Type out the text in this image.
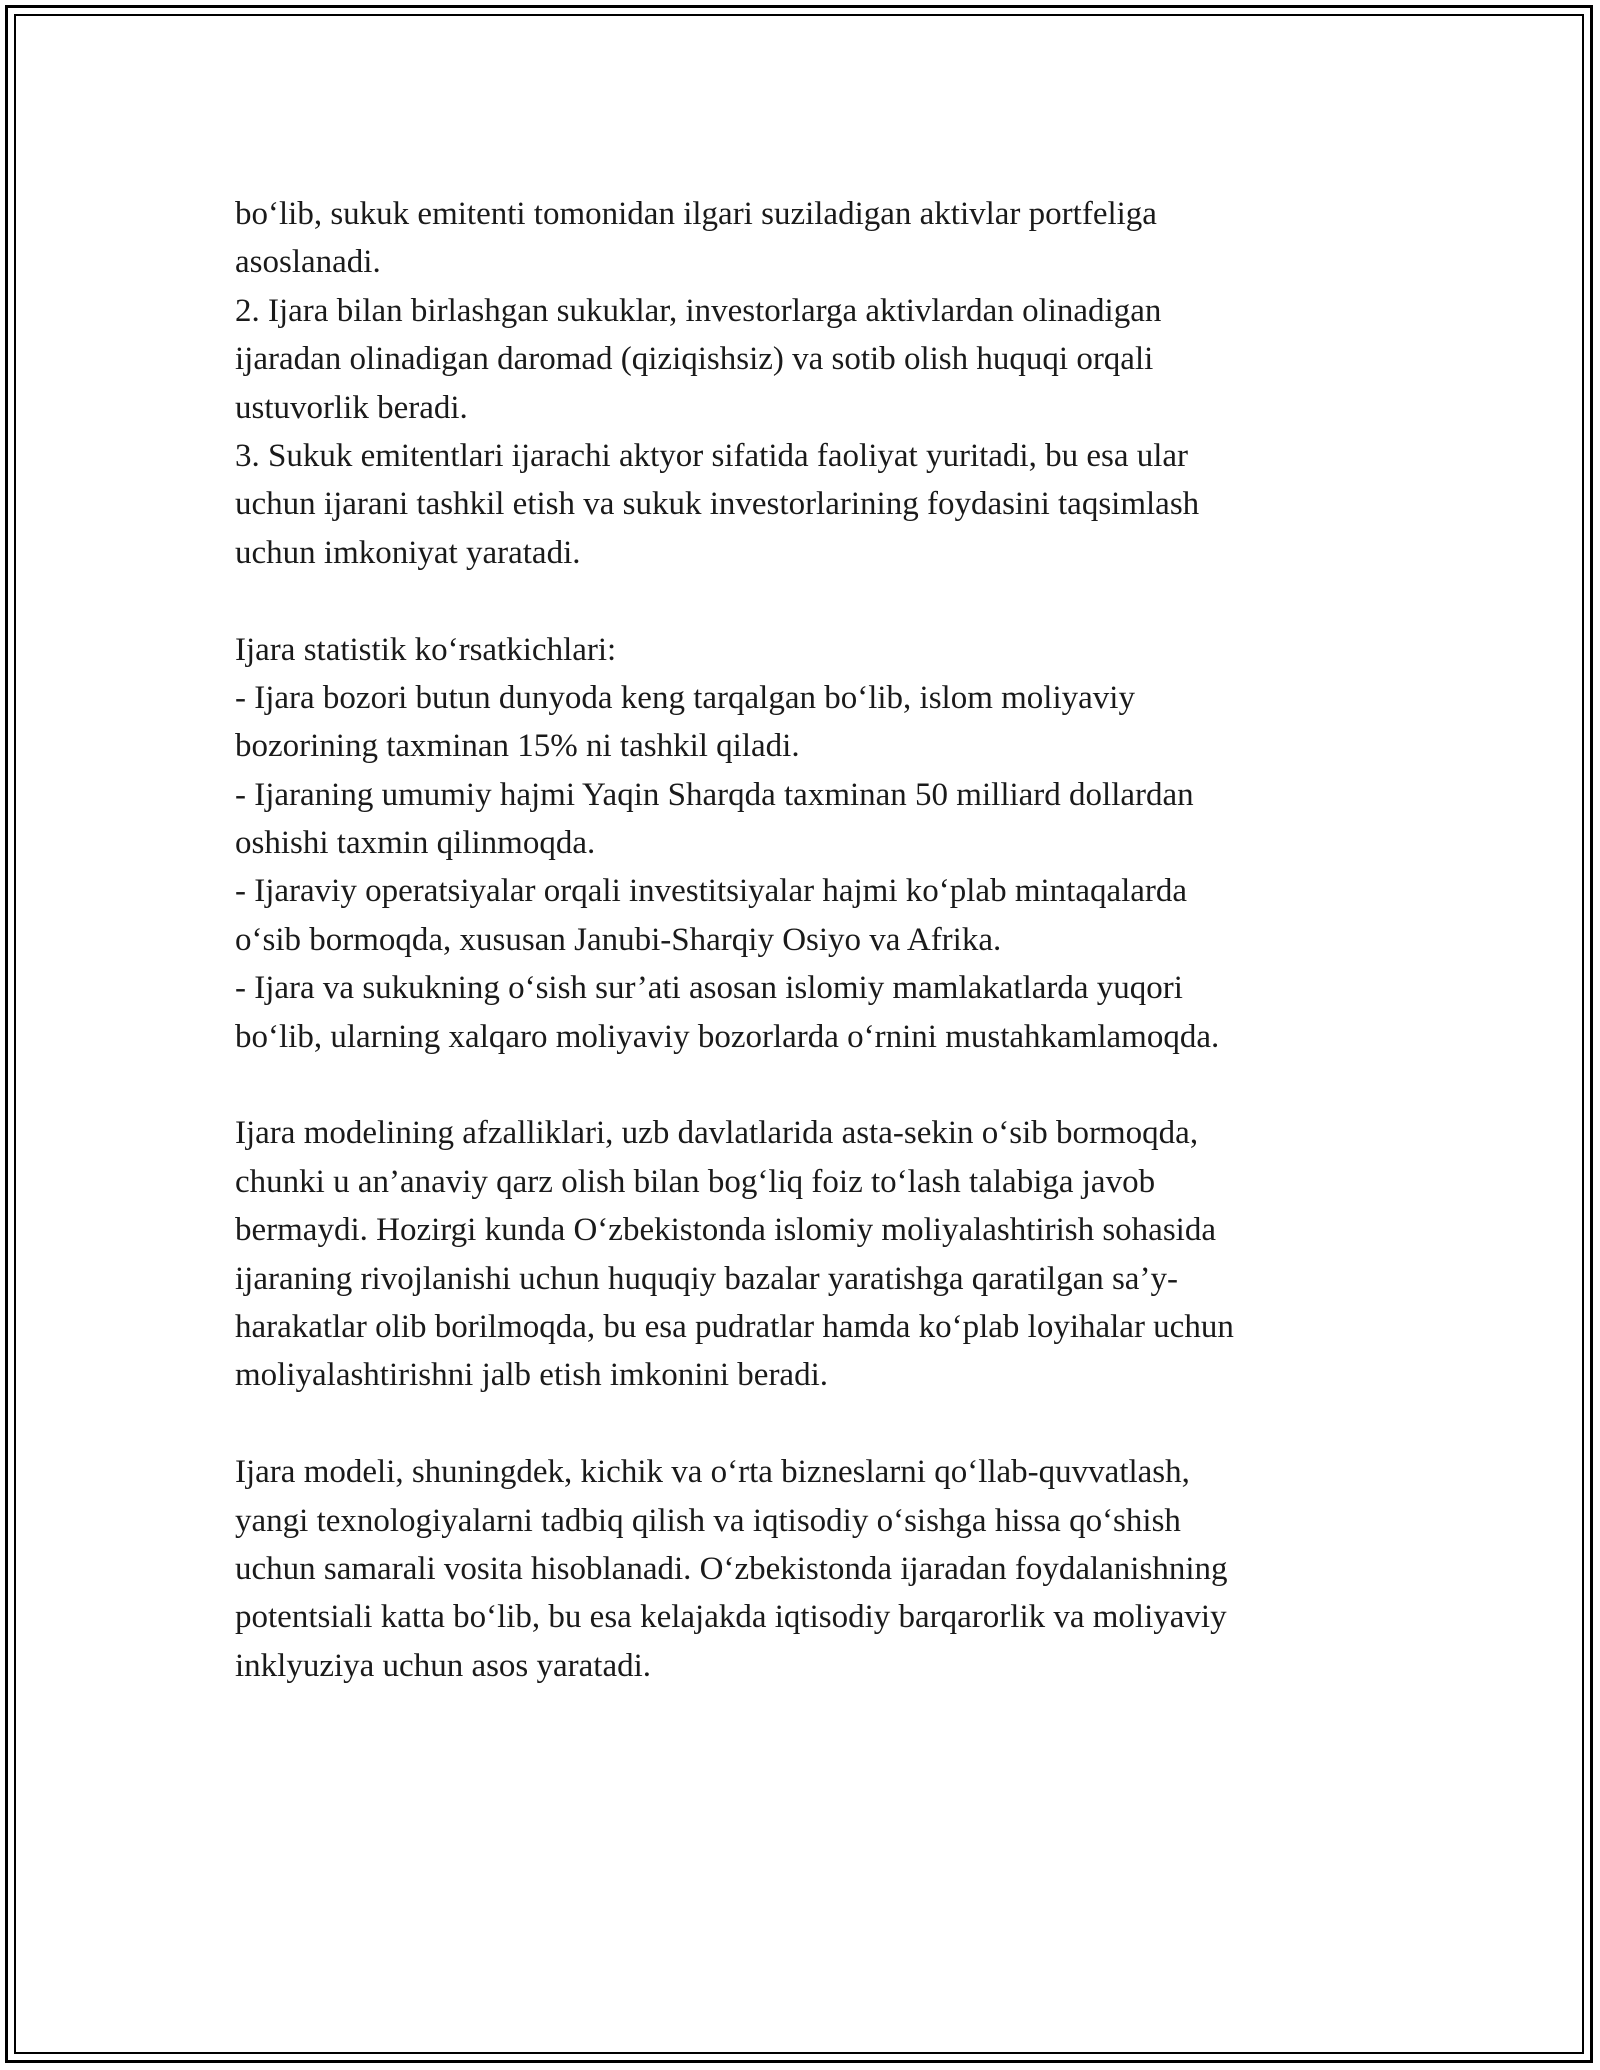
bo‘lib, sukuk emitenti tomonidan ilgari suziladigan aktivlar portfeliga
asoslanadi.
2. Ijara bilan birlashgan sukuklar, investorlarga aktivlardan olinadigan
ijaradan olinadigan daromad (qiziqishsiz) va sotib olish huquqi orqali
ustuvorlik beradi.
3. Sukuk emitentlari ijarachi aktyor sifatida faoliyat yuritadi, bu esa ular
uchun ijarani tashkil etish va sukuk investorlarining foydasini taqsimlash
uchun imkoniyat yaratadi.
Ijara statistik ko‘rsatkichlari:
- Ijara bozori butun dunyoda keng tarqalgan bo‘lib, islom moliyaviy
bozorining taxminan 15% ni tashkil qiladi.
- Ijaraning umumiy hajmi Yaqin Sharqda taxminan 50 milliard dollardan
oshishi taxmin qilinmoqda.
- Ijaraviy operatsiyalar orqali investitsiyalar hajmi ko‘plab mintaqalarda
o‘sib bormoqda, xususan Janubi-Sharqiy Osiyo va Afrika.
- Ijara va sukukning o‘sish sur’ati asosan islomiy mamlakatlarda yuqori
bo‘lib, ularning xalqaro moliyaviy bozorlarda o‘rnini mustahkamlamoqda.
Ijara modelining afzalliklari, uzb davlatlarida asta-sekin o‘sib bormoqda,
chunki u an’anaviy qarz olish bilan bog‘liq foiz to‘lash talabiga javob
bermaydi. Hozirgi kunda O‘zbekistonda islomiy moliyalashtirish sohasida
ijaraning rivojlanishi uchun huquqiy bazalar yaratishga qaratilgan sa’y-
harakatlar olib borilmoqda, bu esa pudratlar hamda ko‘plab loyihalar uchun
moliyalashtirishni jalb etish imkonini beradi.
Ijara modeli, shuningdek, kichik va o‘rta bizneslarni qo‘llab-quvvatlash,
yangi texnologiyalarni tadbiq qilish va iqtisodiy o‘sishga hissa qo‘shish
uchun samarali vosita hisoblanadi. O‘zbekistonda ijaradan foydalanishning
potentsiali katta bo‘lib, bu esa kelajakda iqtisodiy barqarorlik va moliyaviy
inklyuziya uchun asos yaratadi.
